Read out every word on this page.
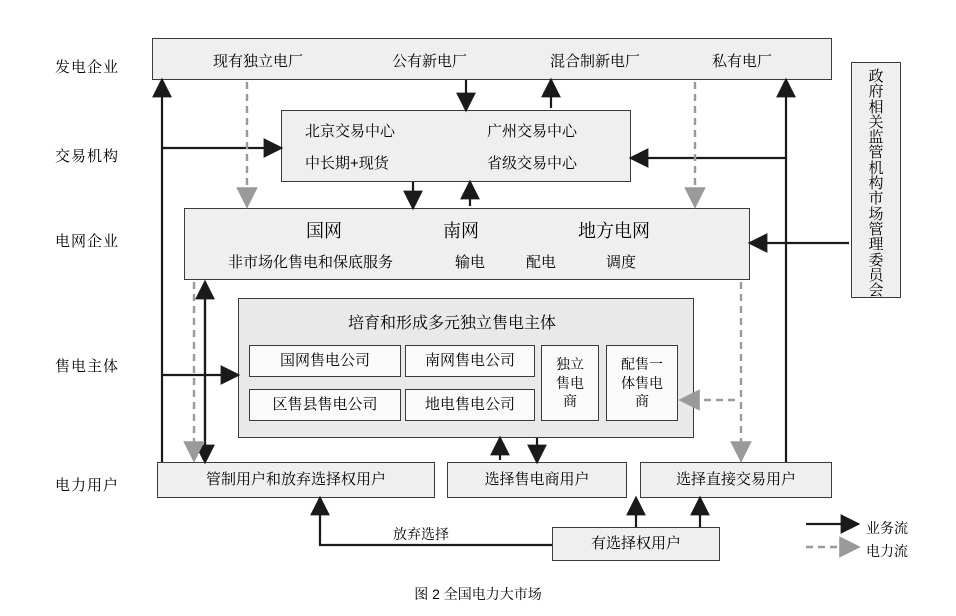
发电企业
交易机构
电网企业
售电主体
电力用户
现有独立电厂	公有新电厂	混合制新电厂	私有电厂
北京交易中心	广州交易中心
中长期+现货	省级交易中心
国网	南网	地方电网
非市场化售电和保底服务	输电	配电	调度
培育和形成多元独立售电主体
国网售电公司	南网售电公司
区售县售电公司	地电售电公司
独立售电商
配售一体售电商
管制用户和放弃选择权用户	选择售电商用户	选择直接交易用户
有选择权用户
放弃选择
政
府
相
关
监
管
机
构
市
场
管
理
委
员
会
业务流
电力流
图 2 全国电力大市场
